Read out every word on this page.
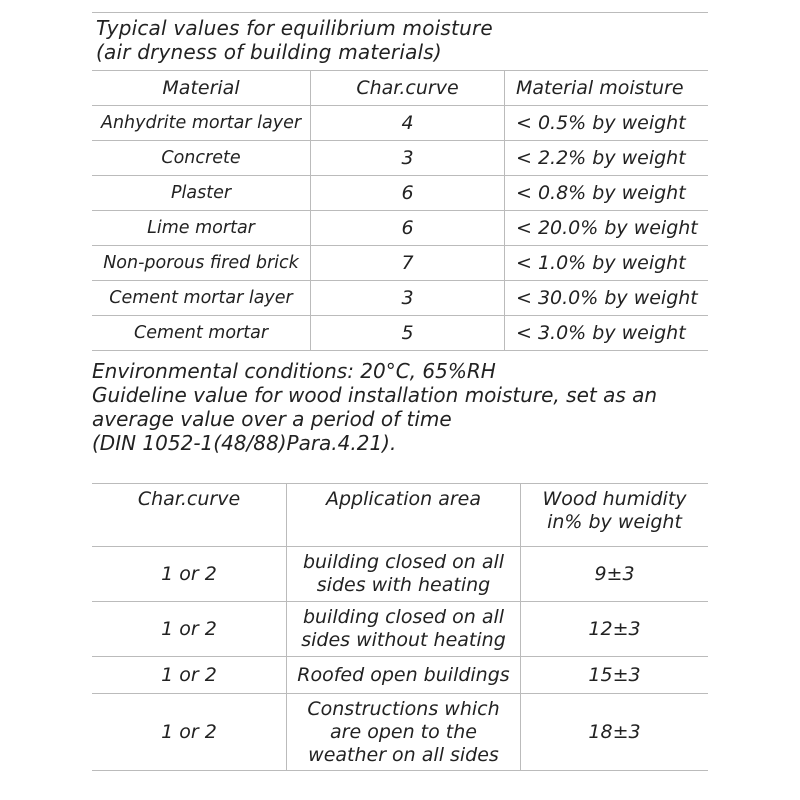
Typical values for equilibrium moisture
(air dryness of building materials)
Material	Char.curve	Material moisture
Anhydrite mortar layer	4	< 0.5% by weight
Concrete	3	< 2.2% by weight
Plaster	6	< 0.8% by weight
Lime mortar	6	< 20.0% by weight
Non-porous fired brick	7	< 1.0% by weight
Cement mortar layer	3	< 30.0% by weight
Cement mortar	5	< 3.0% by weight
Environmental conditions: 20°C, 65%RH
Guideline value for wood installation moisture, set as an
average value over a period of time
(DIN 1052-1(48/88)Para.4.21).
Char.curve	Application area	Wood humidity
in% by weight

1 or 2	building closed on all
sides with heating	9±3
1 or 2	building closed on all
sides without heating	12±3
1 or 2	Roofed open buildings	15±3
1 or 2	Constructions which
are open to the
weather on all sides	18±3
